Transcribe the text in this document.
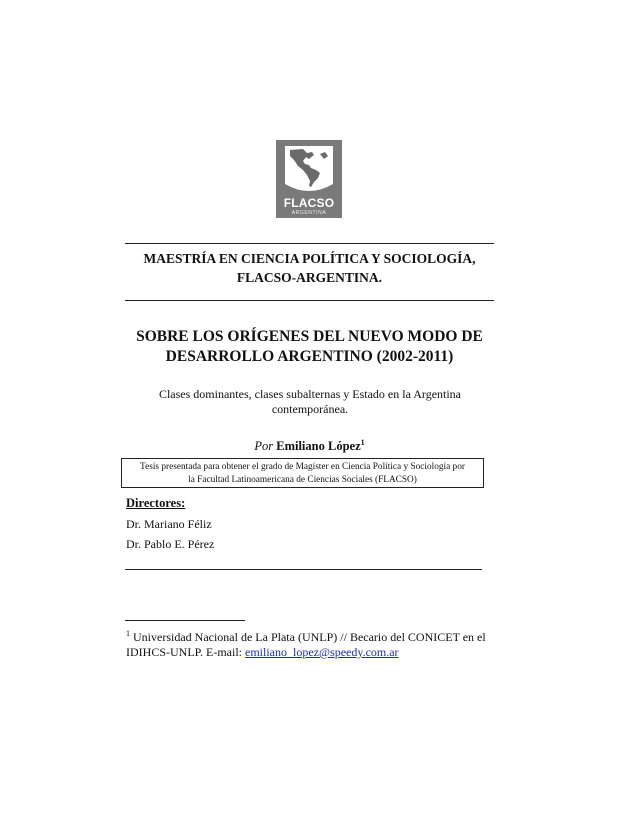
FLACSO
ARGENTINA
MAESTRÍA EN CIENCIA POLÍTICA Y SOCIOLOGÍA,
FLACSO-ARGENTINA.
SOBRE LOS ORÍGENES DEL NUEVO MODO DE
DESARROLLO ARGENTINO (2002-2011)
Clases dominantes, clases subalternas y Estado en la Argentina
contemporánea.
Por Emiliano López$^1$
Tesis presentada para obtener el grado de Magíster en Ciencia Política y Sociología por
la Facultad Latinoamericana de Ciencias Sociales (FLACSO)
Directores:
Dr. Mariano Féliz
Dr. Pablo E. Pérez
$^1$ Universidad Nacional de La Plata (UNLP) // Becario del CONICET en el
IDIHCS-UNLP. E-mail: emiliano_lopez@speedy.com.ar
